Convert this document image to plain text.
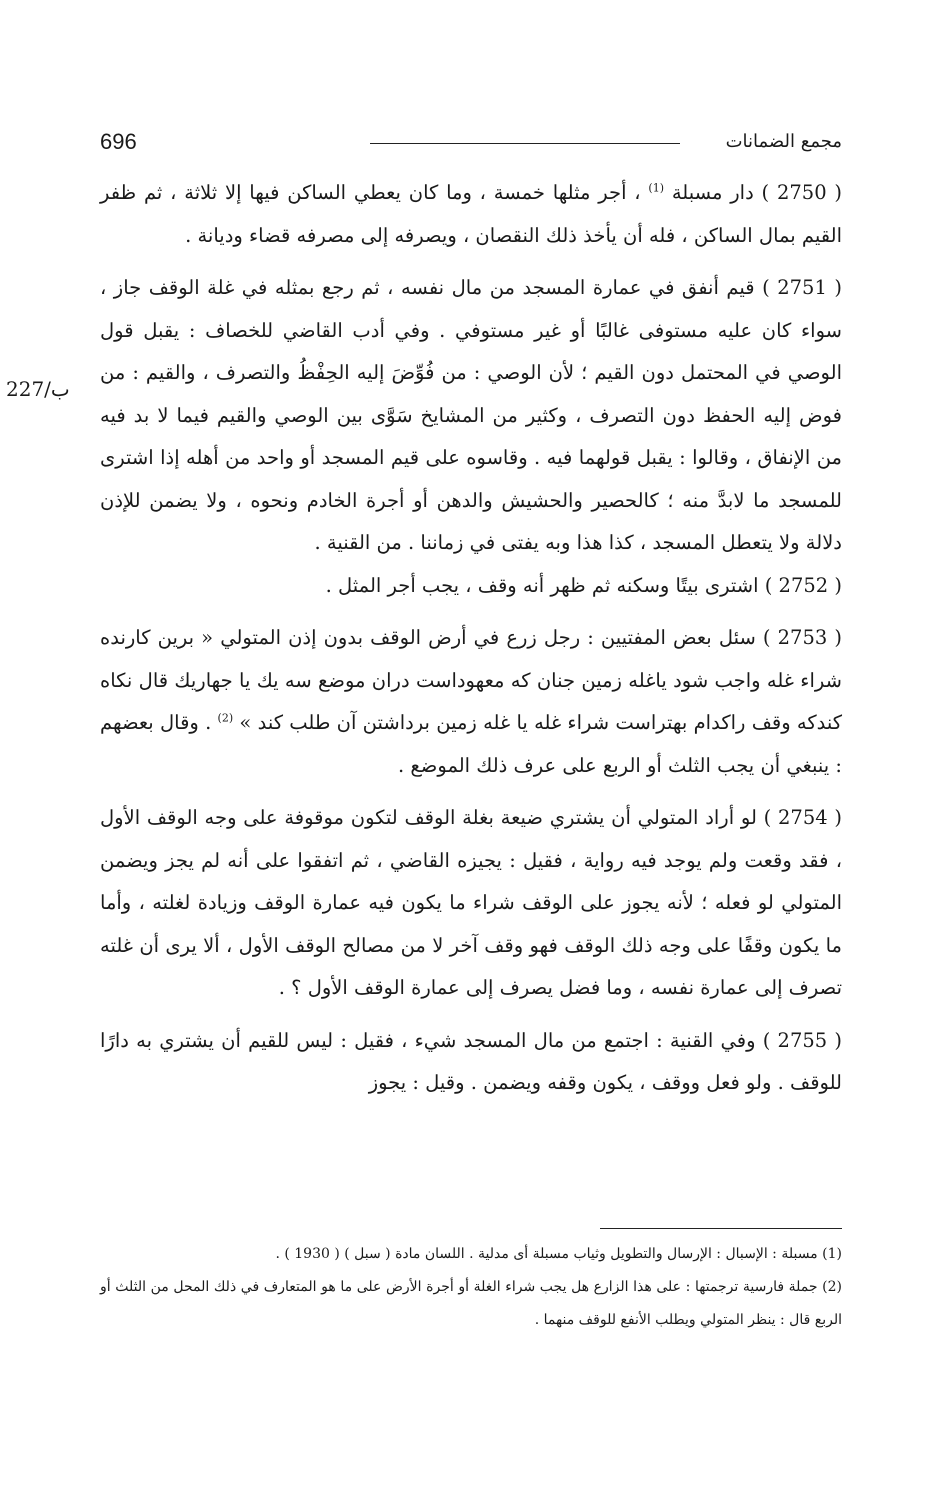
696	مجمع الضمانات
227/ب

( 2750 ) دار مسبلة $^{(1)}$ ، أجر مثلها خمسة ، وما كان يعطي الساكن فيها إلا ثلاثة ، ثم ظفر القيم بمال الساكن ، فله أن يأخذ ذلك النقصان ، ويصرفه إلى مصرفه قضاء وديانة .

( 2751 ) قيم أنفق في عمارة المسجد من مال نفسه ، ثم رجع بمثله في غلة الوقف جاز ، سواء كان عليه مستوفى غالبًا أو غير مستوفي . وفي أدب القاضي للخصاف : يقبل قول الوصي في المحتمل دون القيم ؛ لأن الوصي : من فُوِّضَ إليه الحِفْظُ والتصرف ، والقيم : من فوض إليه الحفظ دون التصرف ، وكثير من المشايخ سَوَّى بين الوصي والقيم فيما لا بد فيه من الإنفاق ، وقالوا : يقبل قولهما فيه . وقاسوه على قيم المسجد أو واحد من أهله إذا اشترى للمسجد ما لابدَّ منه ؛ كالحصير والحشيش والدهن أو أجرة الخادم ونحوه ، ولا يضمن للإذن دلالة ولا يتعطل المسجد ، كذا هذا وبه يفتى في زماننا . من القنية .

( 2752 ) اشترى بيتًا وسكنه ثم ظهر أنه وقف ، يجب أجر المثل .

( 2753 ) سئل بعض المفتيين : رجل زرع في أرض الوقف بدون إذن المتولي « برين كارنده شراء غله واجب شود ياغله زمين جنان كه معهوداست دران موضع سه يك يا جهاريك قال نكاه كندكه وقف راكدام بهتراست شراء غله يا غله زمين برداشتن آن طلب كند » $^{(2)}$ . وقال بعضهم : ينبغي أن يجب الثلث أو الربع على عرف ذلك الموضع .

( 2754 ) لو أراد المتولي أن يشتري ضيعة بغلة الوقف لتكون موقوفة على وجه الوقف الأول ، فقد وقعت ولم يوجد فيه رواية ، فقيل : يجيزه القاضي ، ثم اتفقوا على أنه لم يجز ويضمن المتولي لو فعله ؛ لأنه يجوز على الوقف شراء ما يكون فيه عمارة الوقف وزيادة لغلته ، وأما ما يكون وقفًا على وجه ذلك الوقف فهو وقف آخر لا من مصالح الوقف الأول ، ألا يرى أن غلته تصرف إلى عمارة نفسه ، وما فضل يصرف إلى عمارة الوقف الأول ؟ .

( 2755 ) وفي القنية : اجتمع من مال المسجد شيء ، فقيل : ليس للقيم أن يشتري به دارًا للوقف . ولو فعل ووقف ، يكون وقفه ويضمن . وقيل : يجوز

(1) مسبلة : الإسبال : الإرسال والتطويل وثياب مسبلة أى مدلية . اللسان مادة ( سبل ) ( 1930 ) .

(2) جملة فارسية ترجمتها : على هذا الزارع هل يجب شراء الغلة أو أجرة الأرض على ما هو المتعارف في ذلك المحل من الثلث أو الربع قال : ينظر المتولي ويطلب الأنفع للوقف منهما .
